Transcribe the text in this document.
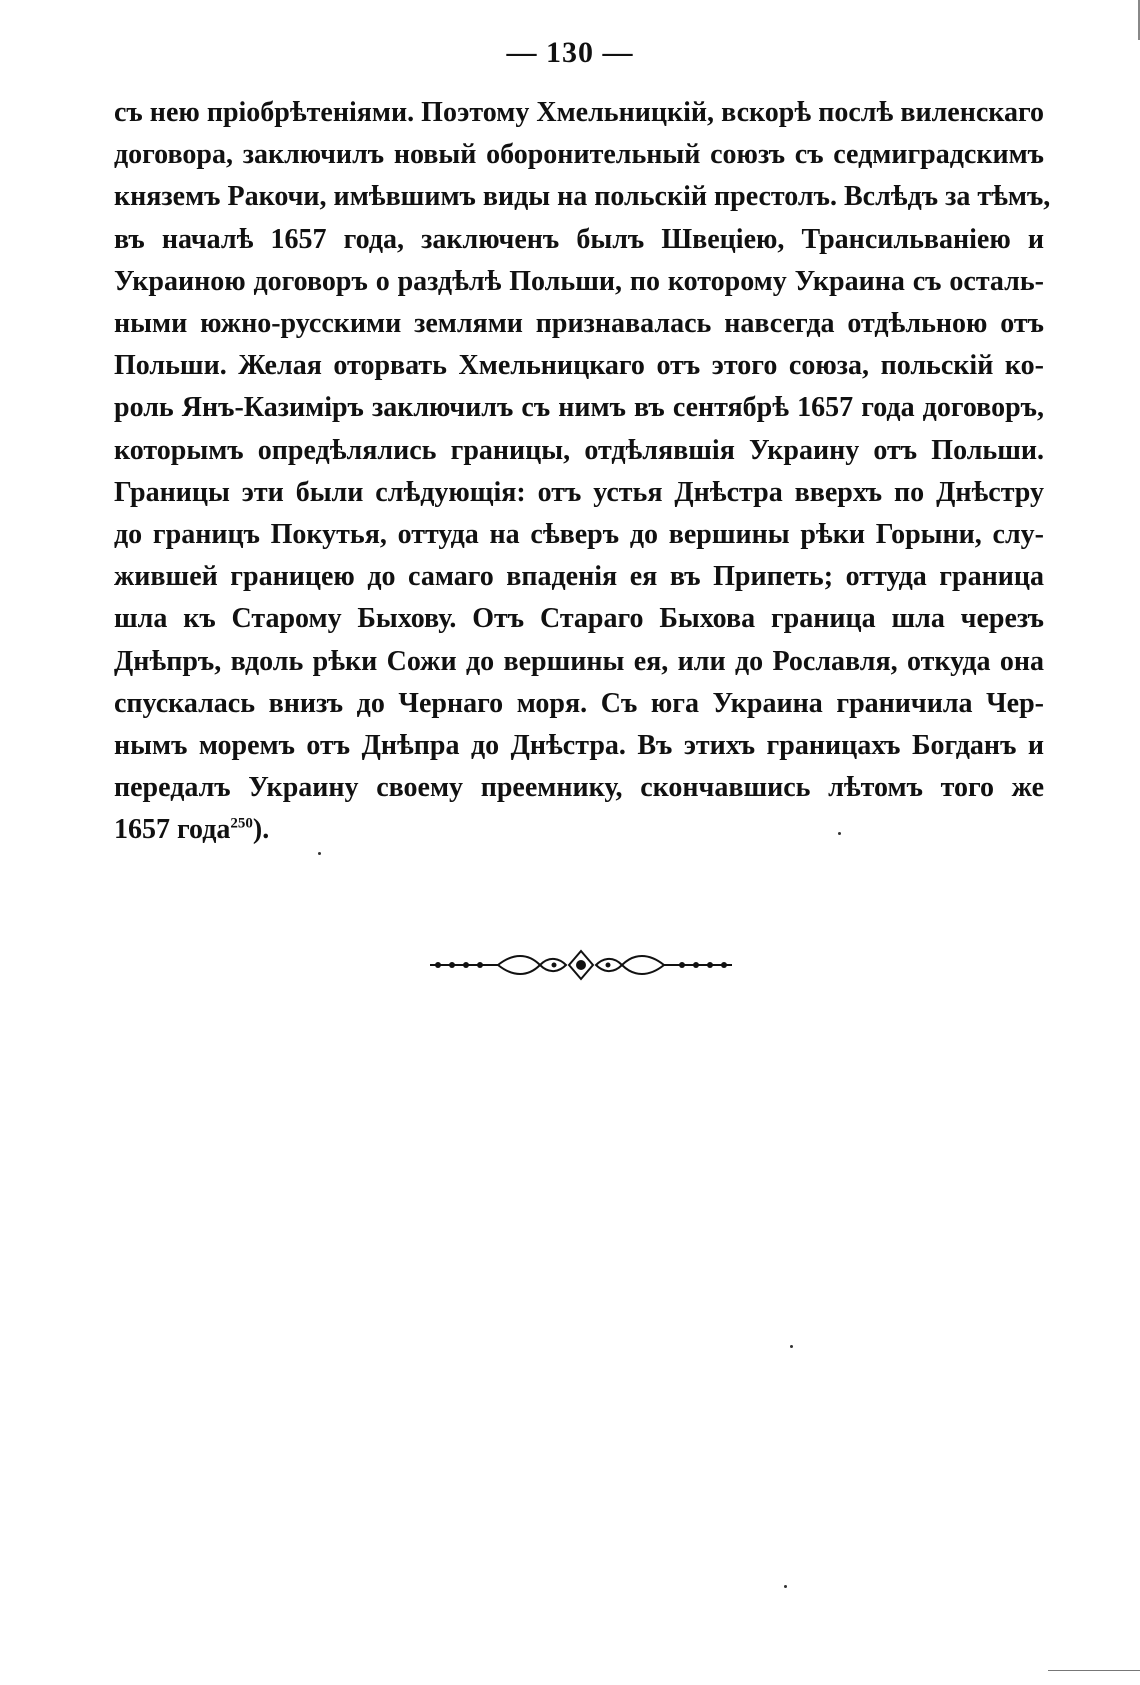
— 130 —
съ нею пріобрѣтеніями. Поэтому Хмельницкій, вскорѣ послѣ виленскаго
договора, заключилъ новый оборонительный союзъ съ седмиградскимъ
княземъ Ракочи, имѣвшимъ виды на польскій престолъ. Вслѣдъ за тѣмъ,
въ началѣ 1657 года, заключенъ былъ Швеціею, Трансильваніею и
Украиною договоръ о раздѣлѣ Польши, по которому Украина съ осталь-
ными южно-русскими землями признавалась навсегда отдѣльною отъ
Польши. Желая оторвать Хмельницкаго отъ этого союза, польскій ко-
роль Янъ-Казиміръ заключилъ съ нимъ въ сентябрѣ 1657 года договоръ,
которымъ опредѣлялись границы, отдѣлявшія Украину отъ Польши.
Границы эти были слѣдующія: отъ устья Днѣстра вверхъ по Днѣстру
до границъ Покутья, оттуда на сѣверъ до вершины рѣки Горыни, слу-
жившей границею до самаго впаденія ея въ Припеть; оттуда граница
шла къ Старому Быхову. Отъ Стараго Быхова граница шла черезъ
Днѣпръ, вдоль рѣки Сожи до вершины ея, или до Рославля, откуда она
спускалась внизъ до Чернаго моря. Съ юга Украина граничила Чер-
нымъ моремъ отъ Днѣпра до Днѣстра. Въ этихъ границахъ Богданъ и
передалъ Украину своему преемнику, скончавшись лѣтомъ того же
1657 года$^{250}$).
